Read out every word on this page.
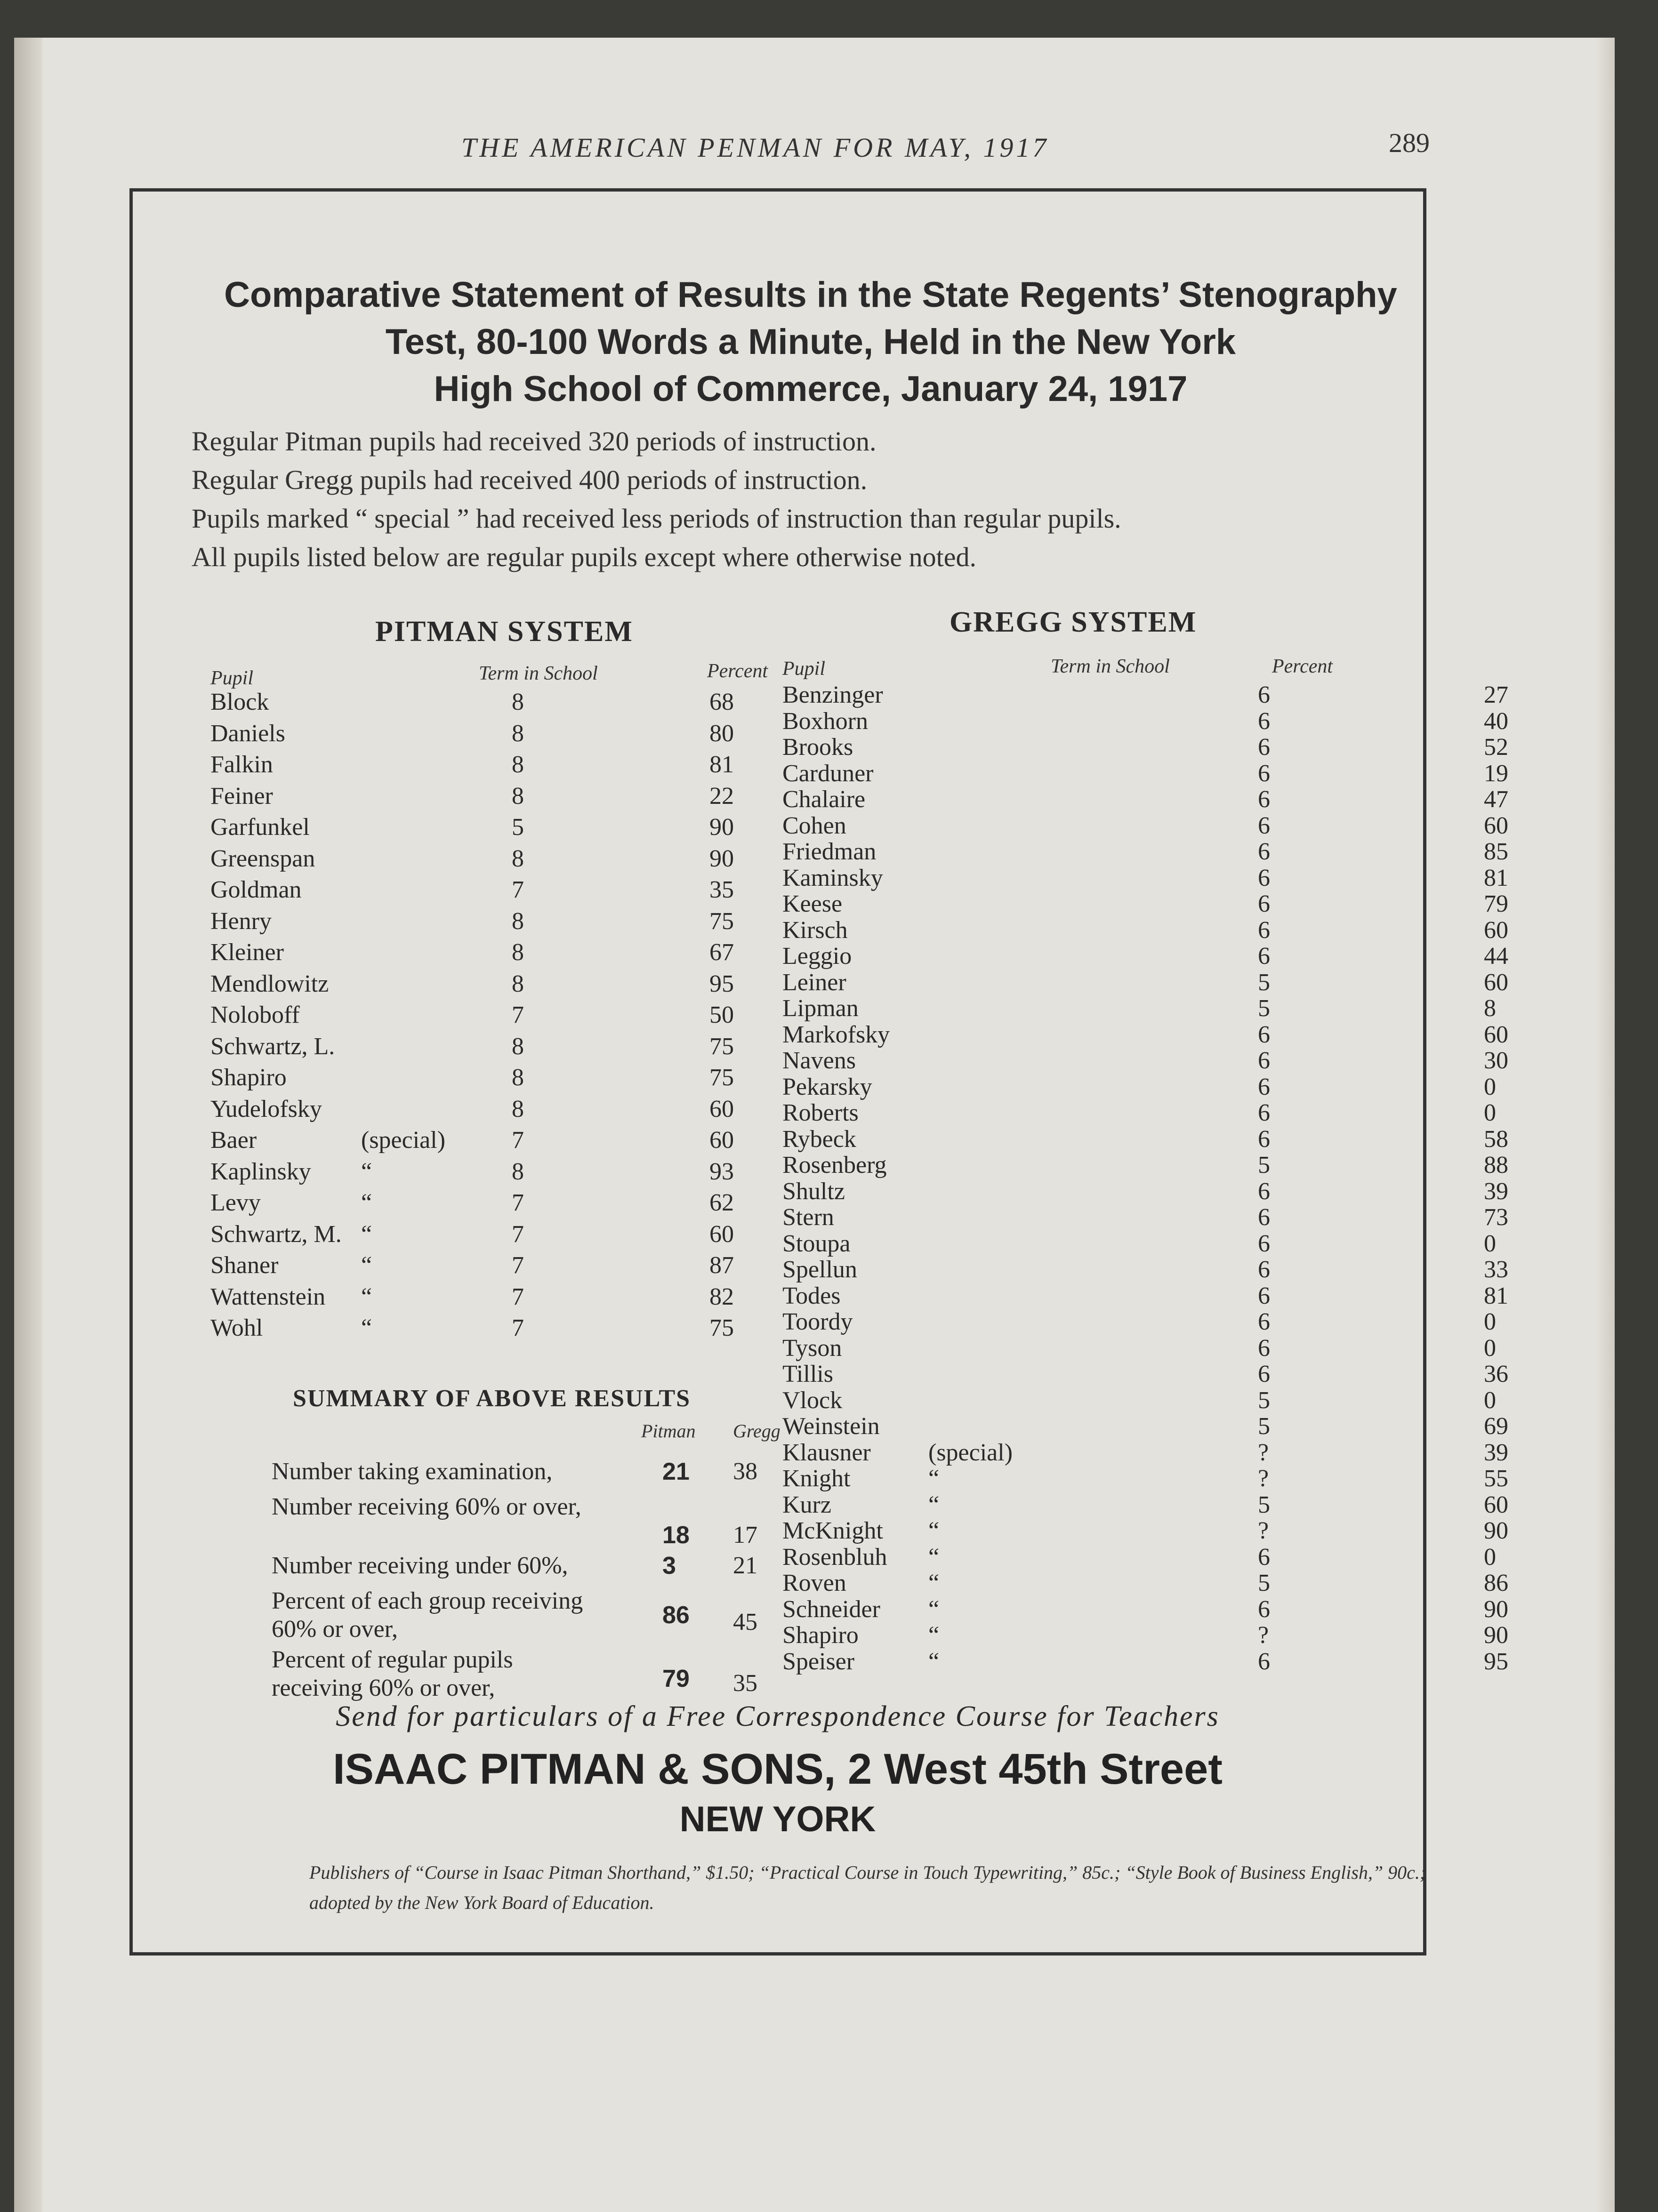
THE AMERICAN PENMAN FOR MAY, 1917	289
Comparative Statement of Results in the State Regents’ Stenography
Test, 80-100 Words a Minute, Held in the New York
High School of Commerce, January 24, 1917
Regular Pitman pupils had received 320 periods of instruction.
Regular Gregg pupils had received 400 periods of instruction.
Pupils marked “ special ” had received less periods of instruction than regular pupils.
All pupils listed below are regular pupils except where otherwise noted.
PITMAN SYSTEM
Pupil	Term in School	Percent
Block	8	68
Daniels	8	80
Falkin	8	81
Feiner	8	22
Garfunkel	5	90
Greenspan	8	90
Goldman	7	35
Henry	8	75
Kleiner	8	67
Mendlowitz	8	95
Noloboff	7	50
Schwartz, L.	8	75
Shapiro	8	75
Yudelofsky	8	60
Baer	(special)	7	60
Kaplinsky “	8	93
Levy	“	7	62
Schwartz, M. “	7	60
Shaner	“	7	87
Wattenstein “	7	82
Wohl	“	7	75
GREGG SYSTEM
Pupil	Term in School	Percent
Benzinger	6	27
Boxhorn	6	40
Brooks	6	52
Carduner	6	19
Chalaire	6	47
Cohen	6	60
Friedman	6	85
Kaminsky	6	81
Keese	6	79
Kirsch	6	60
Leggio	6	44
Leiner	5	60
Lipman	5	8
Markofsky	6	60
Navens	6	30
Pekarsky	6	0
Roberts	6	0
Rybeck	6	58
Rosenberg	5	88
Shultz	6	39
Stern	6	73
Stoupa	6	0
Spellun	6	33
Todes	6	81
Toordy	6	0
Tyson	6	0
Tillis	6	36
Vlock	5	0
Weinstein	5	69
Klausner (special)	?	39
Knight	“	?	55
Kurz	“	5	60
McKnight “	?	90
Rosenbluh “	6	0
Roven	“	5	86
Schneider “	6	90
Shapiro	“	?	90
Speiser	“	6	95
SUMMARY OF ABOVE RESULTS
Pitman Gregg
Number taking examination,	21 38
Number receiving 60% or over,
18 17
Number receiving under 60%,	3 21
Percent of each group receiving 60% or over,
86 45
Percent of regular pupils receiving 60% or over,	79 35
Send for particulars of a Free Correspondence Course for Teachers
ISAAC PITMAN & SONS, 2 West 45th Street
NEW YORK
Publishers of “Course in Isaac Pitman Shorthand,” $1.50; “Practical Course in Touch Typewriting,” 85c.; “Style Book of Business English,” 90c.; adopted by the New York Board of Education.
